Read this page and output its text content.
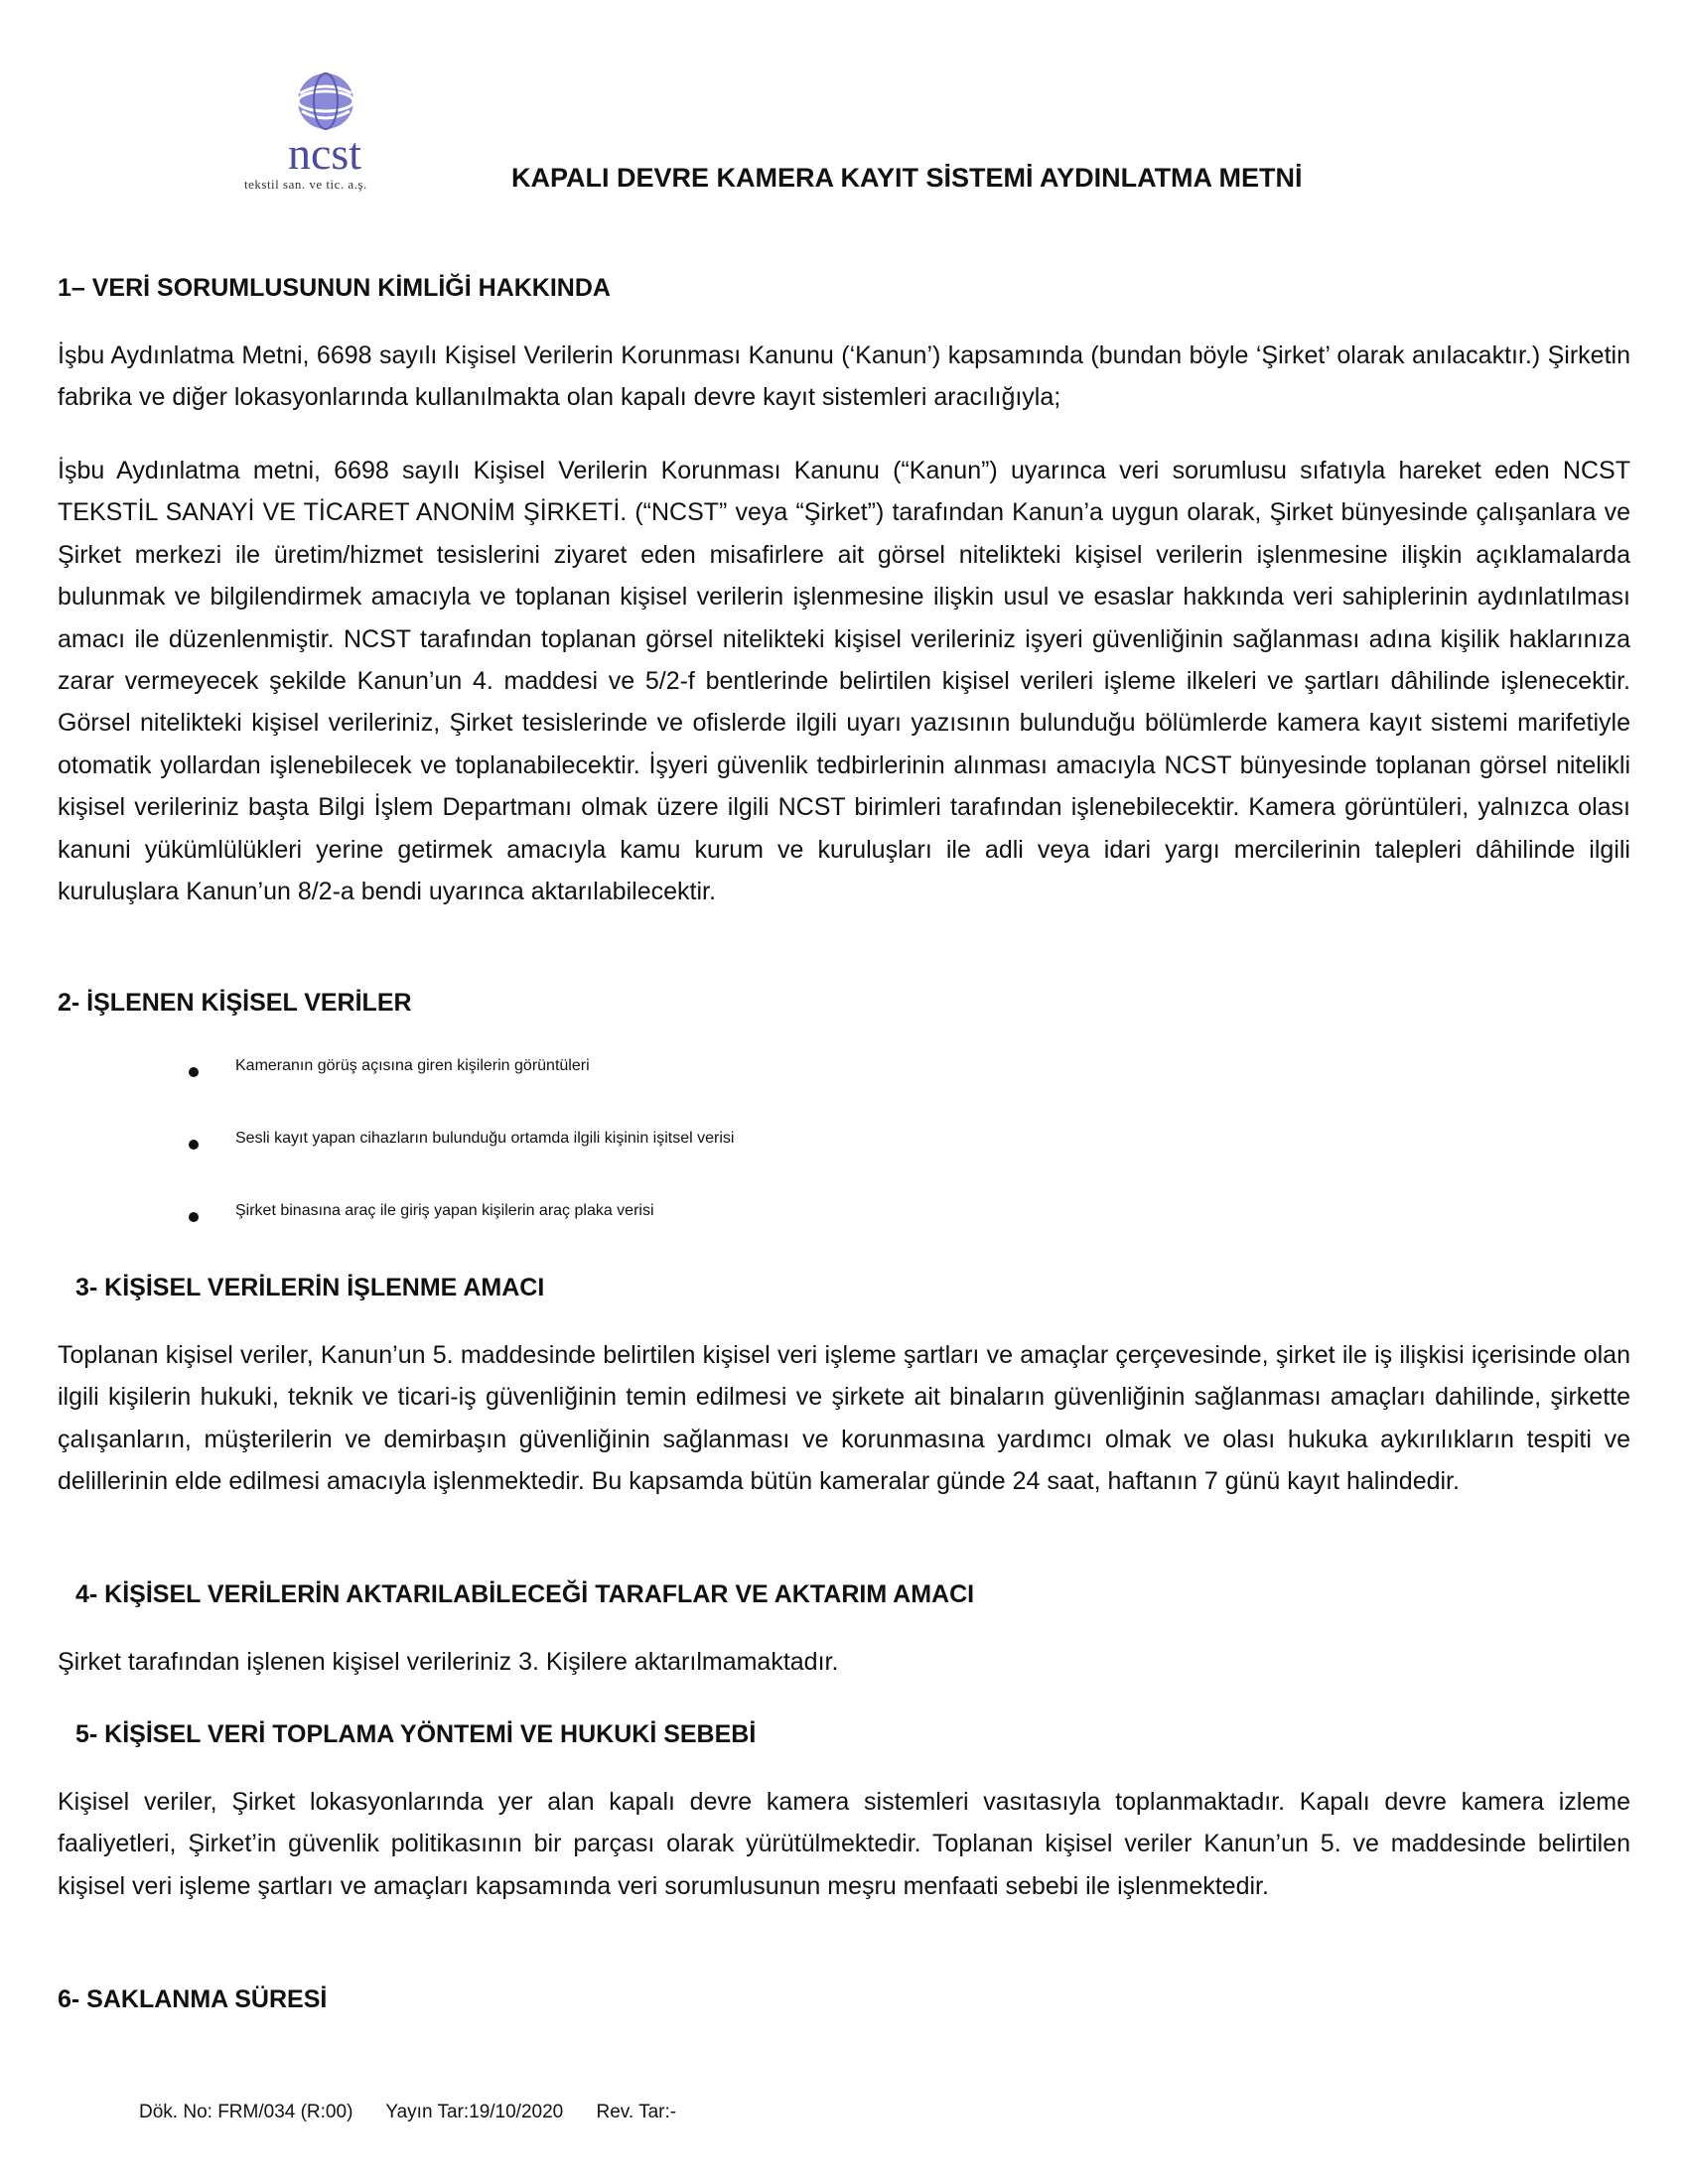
ncst
tekstil san. ve tic. a.ş.	KAPALI DEVRE KAMERA KAYIT SİSTEMİ AYDINLATMA METNİ
1– VERİ SORUMLUSUNUN KİMLİĞİ HAKKINDA
İşbu Aydınlatma Metni, 6698 sayılı Kişisel Verilerin Korunması Kanunu (‘Kanun’) kapsamında (bundan böyle ‘Şirket’ olarak anılacaktır.) Şirketin fabrika ve diğer lokasyonlarında kullanılmakta olan kapalı devre kayıt sistemleri aracılığıyla;
İşbu Aydınlatma metni, 6698 sayılı Kişisel Verilerin Korunması Kanunu (“Kanun”) uyarınca veri sorumlusu sıfatıyla hareket eden NCST TEKSTİL SANAYİ VE TİCARET ANONİM ŞİRKETİ. (“NCST” veya “Şirket”) tarafından Kanun’a uygun olarak, Şirket bünyesinde çalışanlara ve Şirket merkezi ile üretim/hizmet tesislerini ziyaret eden misafirlere ait görsel nitelikteki kişisel verilerin işlenmesine ilişkin açıklamalarda bulunmak ve bilgilendirmek amacıyla ve toplanan kişisel verilerin işlenmesine ilişkin usul ve esaslar hakkında veri sahiplerinin aydınlatılması amacı ile düzenlenmiştir. NCST tarafından toplanan görsel nitelikteki kişisel verileriniz işyeri güvenliğinin sağlanması adına kişilik haklarınıza zarar vermeyecek şekilde Kanun’un 4. maddesi ve 5/2-f bentlerinde belirtilen kişisel verileri işleme ilkeleri ve şartları dâhilinde işlenecektir. Görsel nitelikteki kişisel verileriniz, Şirket tesislerinde ve ofislerde ilgili uyarı yazısının bulunduğu bölümlerde kamera kayıt sistemi marifetiyle otomatik yollardan işlenebilecek ve toplanabilecektir. İşyeri güvenlik tedbirlerinin alınması amacıyla NCST bünyesinde toplanan görsel nitelikli kişisel verileriniz başta Bilgi İşlem Departmanı olmak üzere ilgili NCST birimleri tarafından işlenebilecektir. Kamera görüntüleri, yalnızca olası kanuni yükümlülükleri yerine getirmek amacıyla kamu kurum ve kuruluşları ile adli veya idari yargı mercilerinin talepleri dâhilinde ilgili kuruluşlara Kanun’un 8/2-a bendi uyarınca aktarılabilecektir.
2- İŞLENEN KİŞİSEL VERİLER
Kameranın görüş açısına giren kişilerin görüntüleri
Sesli kayıt yapan cihazların bulunduğu ortamda ilgili kişinin işitsel verisi
Şirket binasına araç ile giriş yapan kişilerin araç plaka verisi
3- KİŞİSEL VERİLERİN İŞLENME AMACI
Toplanan kişisel veriler, Kanun’un 5. maddesinde belirtilen kişisel veri işleme şartları ve amaçlar çerçevesinde, şirket ile iş ilişkisi içerisinde olan ilgili kişilerin hukuki, teknik ve ticari-iş güvenliğinin temin edilmesi ve şirkete ait binaların güvenliğinin sağlanması amaçları dahilinde, şirkette çalışanların, müşterilerin ve demirbaşın güvenliğinin sağlanması ve korunmasına yardımcı olmak ve olası hukuka aykırılıkların tespiti ve delillerinin elde edilmesi amacıyla işlenmektedir. Bu kapsamda bütün kameralar günde 24 saat, haftanın 7 günü kayıt halindedir.
4- KİŞİSEL VERİLERİN AKTARILABİLECEĞİ TARAFLAR VE AKTARIM AMACI
Şirket tarafından işlenen kişisel verileriniz 3. Kişilere aktarılmamaktadır.
5- KİŞİSEL VERİ TOPLAMA YÖNTEMİ VE HUKUKİ SEBEBİ
Kişisel veriler, Şirket lokasyonlarında yer alan kapalı devre kamera sistemleri vasıtasıyla toplanmaktadır. Kapalı devre kamera izleme faaliyetleri, Şirket’in güvenlik politikasının bir parçası olarak yürütülmektedir. Toplanan kişisel veriler Kanun’un 5. ve maddesinde belirtilen kişisel veri işleme şartları ve amaçları kapsamında veri sorumlusunun meşru menfaati sebebi ile işlenmektedir.
6- SAKLANMA SÜRESİ
Dök. No: FRM/034 (R:00) Yayın Tar:19/10/2020 Rev. Tar:-
